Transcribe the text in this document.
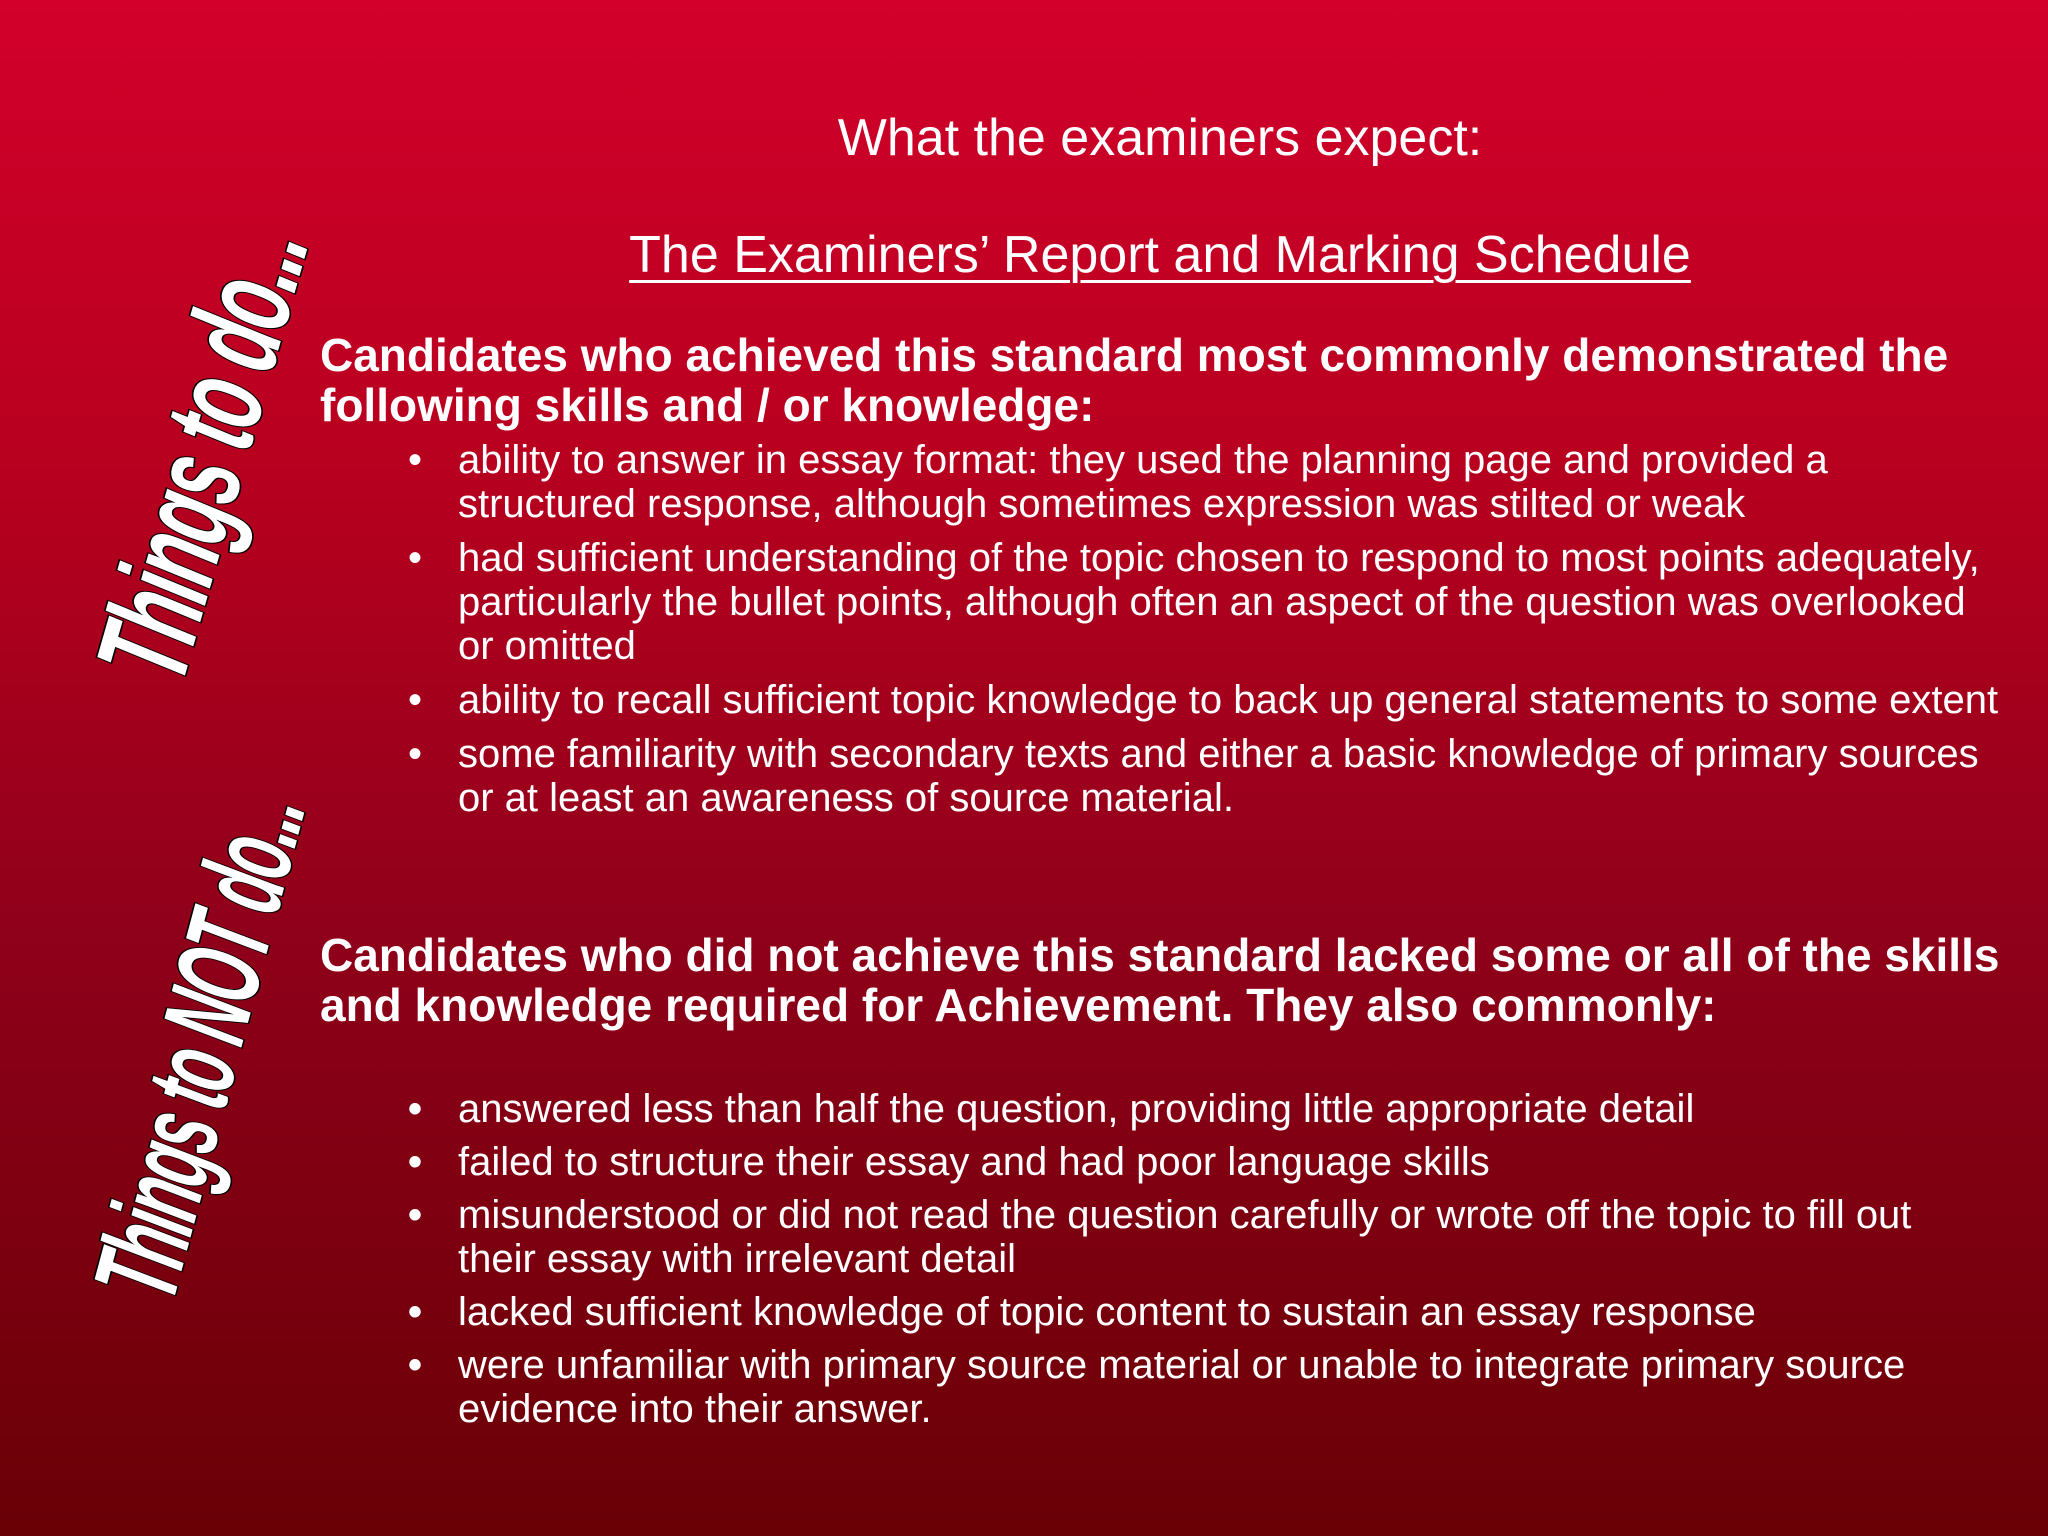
What the examiners expect:
The Examiners’ Report and Marking Schedule
Things to do...
Things to NOT do...
Candidates who achieved this standard most commonly demonstrated the following skills and / or knowledge:
• ability to answer in essay format: they used the planning page and provided a structured response, although sometimes expression was stilted or weak
• had sufficient understanding of the topic chosen to respond to most points adequately, particularly the bullet points, although often an aspect of the question was overlooked or omitted
• ability to recall sufficient topic knowledge to back up general statements to some extent
• some familiarity with secondary texts and either a basic knowledge of primary sources or at least an awareness of source material.
Candidates who did not achieve this standard lacked some or all of the skills and knowledge required for Achievement. They also commonly:
• answered less than half the question, providing little appropriate detail
• failed to structure their essay and had poor language skills
• misunderstood or did not read the question carefully or wrote off the topic to fill out their essay with irrelevant detail
• lacked sufficient knowledge of topic content to sustain an essay response
• were unfamiliar with primary source material or unable to integrate primary source evidence into their answer.
